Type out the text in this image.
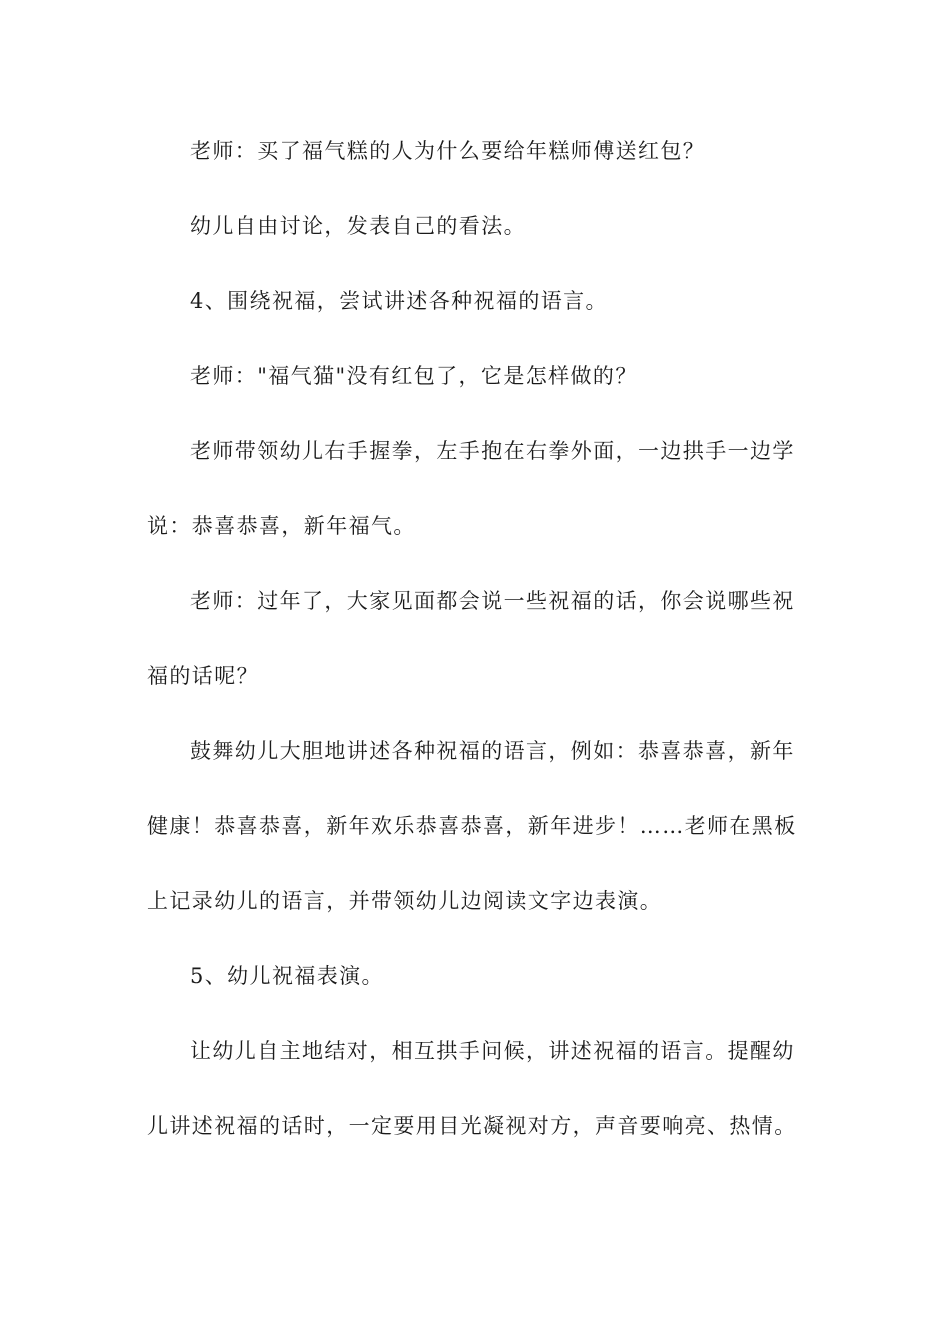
老师：买了福气糕的人为什么要给年糕师傅送红包？
幼儿自由讨论，发表自己的看法。
4、围绕祝福，尝试讲述各种祝福的语言。
老师："福气猫"没有红包了，它是怎样做的？
老师带领幼儿右手握拳，左手抱在右拳外面，一边拱手一边学
说：恭喜恭喜，新年福气。
老师：过年了，大家见面都会说一些祝福的话，你会说哪些祝
福的话呢？
鼓舞幼儿大胆地讲述各种祝福的语言，例如：恭喜恭喜，新年
健康！恭喜恭喜，新年欢乐恭喜恭喜，新年进步！……老师在黑板
上记录幼儿的语言，并带领幼儿边阅读文字边表演。
5、幼儿祝福表演。
让幼儿自主地结对，相互拱手问候，讲述祝福的语言。提醒幼
儿讲述祝福的话时，一定要用目光凝视对方，声音要响亮、热情。
